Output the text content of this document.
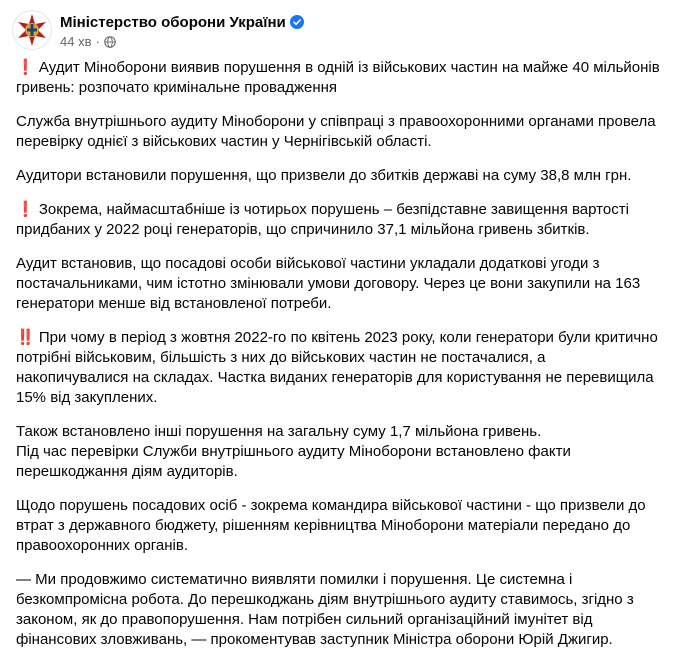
Міністерство оборони України
44 хв ·

❗ Аудит Міноборони виявив порушення в одній із військових частин на майже 40 мільйонів гривень: розпочато кримінальне провадження

Служба внутрішнього аудиту Міноборони у співпраці з правоохоронними органами провела перевірку однієї з військових частин у Чернігівській області.

Аудитори встановили порушення, що призвели до збитків державі на суму 38,8 млн грн.

❗ Зокрема, наймасштабніше із чотирьох порушень – безпідставне завищення вартості придбаних у 2022 році генераторів, що спричинило 37,1 мільйона гривень збитків.

Аудит встановив, що посадові особи військової частини укладали додаткові угоди з постачальниками, чим істотно змінювали умови договору. Через це вони закупили на 163 генератори менше від встановленої потреби.

‼️ При чому в період з жовтня 2022-го по квітень 2023 року, коли генератори були критично потрібні військовим, більшість з них до військових частин не постачалися, а накопичувалися на складах. Частка виданих генераторів для користування не перевищила 15% від закуплених.

Також встановлено інші порушення на загальну суму 1,7 мільйона гривень.
Під час перевірки Служби внутрішнього аудиту Міноборони встановлено факти перешкоджання діям аудиторів.

Щодо порушень посадових осіб - зокрема командира військової частини - що призвели до втрат з державного бюджету, рішенням керівництва Міноборони матеріали передано до правоохоронних органів.

— Ми продовжимо систематично виявляти помилки і порушення. Це системна і безкомпромісна робота. До перешкоджань діям внутрішнього аудиту ставимось, згідно з законом, як до правопорушення. Нам потрібен сильний організаційний імунітет від фінансових зловживань, — прокоментував заступник Міністра оборони Юрій Джигир.
